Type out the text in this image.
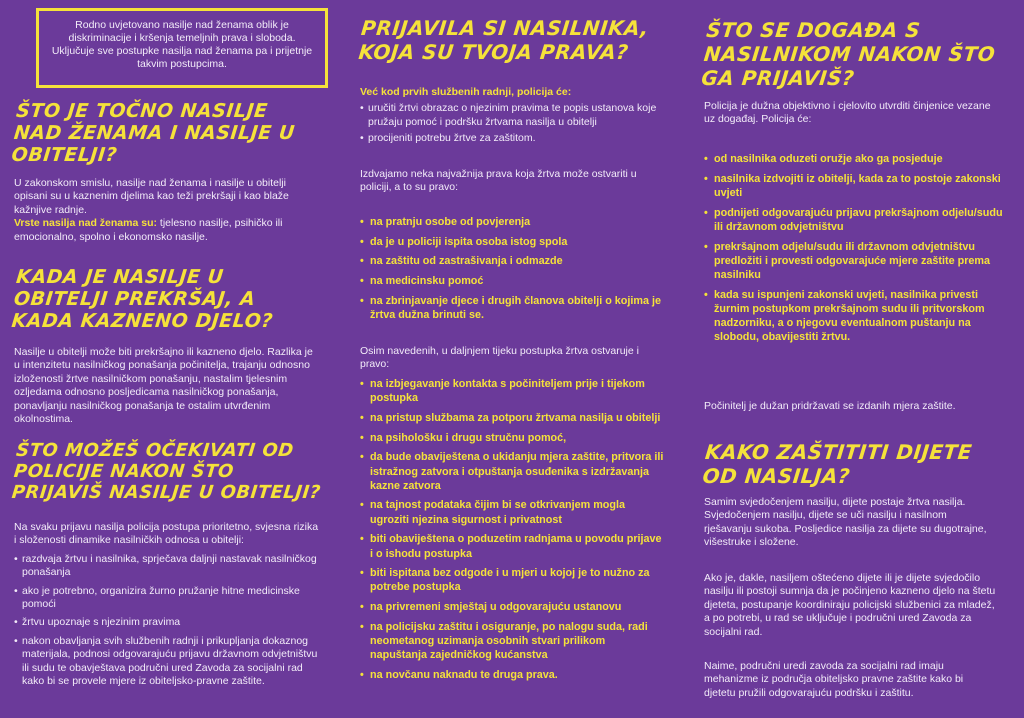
Rodno uvjetovano nasilje nad ženama oblik je diskriminacije i kršenja temeljnih prava i sloboda. Uključuje sve postupke nasilja nad ženama pa i prijetnje takvim postupcima.
ŠTO JE TOČNO NASILJE NAD ŽENAMA I NASILJE U OBITELJI?
U zakonskom smislu, nasilje nad ženama i nasilje u obitelji opisani su u kaznenim djelima kao teži prekršaji i kao blaže kažnjive radnje.
Vrste nasilja nad ženama su: tjelesno nasilje, psihičko ili emocionalno, spolno i ekonomsko nasilje.
KADA JE NASILJE U OBITELJI PREKRŠAJ, A KADA KAZNENO DJELO?
Nasilje u obitelji može biti prekršajno ili kazneno djelo. Razlika je u intenzitetu nasilničkog ponašanja počinitelja, trajanju odnosno izloženosti žrtve nasilničkom ponašanju, nastalim tjelesnim ozljedama odnosno posljedicama nasilničkog ponašanja, ponavljanju nasilničkog ponašanja te ostalim utvrđenim okolnostima.
ŠTO MOŽEŠ OČEKIVATI OD POLICIJE NAKON ŠTO PRIJAVIŠ NASILJE U OBITELJI?
Na svaku prijavu nasilja policija postupa prioritetno, svjesna rizika i složenosti dinamike nasilničkih odnosa u obitelji:
• razdvaja žrtvu i nasilnika, sprječava daljnji nastavak nasilničkog ponašanja
• ako je potrebno, organizira žurno pružanje hitne medicinske pomoći
• žrtvu upoznaje s njezinim pravima
• nakon obavljanja svih službenih radnji i prikupljanja dokaznog materijala, podnosi odgovarajuću prijavu državnom odvjetništvu ili sudu te obavještava područni ured Zavoda za socijalni rad kako bi se provele mjere iz obiteljsko-pravne zaštite.
PRIJAVILA SI NASILNIKA, KOJA SU TVOJA PRAVA?
Već kod prvih službenih radnji, policija će:
• uručiti žrtvi obrazac o njezinim pravima te popis ustanova koje pružaju pomoć i podršku žrtvama nasilja u obitelji
• procijeniti potrebu žrtve za zaštitom.
Izdvajamo neka najvažnija prava koja žrtva može ostvariti u policiji, a to su pravo:
• na pratnju osobe od povjerenja
• da je u policiji ispita osoba istog spola
• na zaštitu od zastrašivanja i odmazde
• na medicinsku pomoć
• na zbrinjavanje djece i drugih članova obitelji o kojima je žrtva dužna brinuti se.
Osim navedenih, u daljnjem tijeku postupka žrtva ostvaruje i pravo:
• na izbjegavanje kontakta s počiniteljem prije i tijekom postupka
• na pristup službama za potporu žrtvama nasilja u obitelji
• na psihološku i drugu stručnu pomoć,
• da bude obaviještena o ukidanju mjera zaštite, pritvora ili istražnog zatvora i otpuštanja osuđenika s izdržavanja kazne zatvora
• na tajnost podataka čijim bi se otkrivanjem mogla ugroziti njezina sigurnost i privatnost
• biti obaviještena o poduzetim radnjama u povodu prijave i o ishodu postupka
• biti ispitana bez odgode i u mjeri u kojoj je to nužno za potrebe postupka
• na privremeni smještaj u odgovarajuću ustanovu
• na policijsku zaštitu i osiguranje, po nalogu suda, radi neometanog uzimanja osobnih stvari prilikom napuštanja zajedničkog kućanstva
• na novčanu naknadu te druga prava.
ŠTO SE DOGAĐA S NASILNIKOM NAKON ŠTO GA PRIJAVIŠ?
Policija je dužna objektivno i cjelovito utvrditi činjenice vezane uz događaj. Policija će:
• od nasilnika oduzeti oružje ako ga posjeduje
• nasilnika izdvojiti iz obitelji, kada za to postoje zakonski uvjeti
• podnijeti odgovarajuću prijavu prekršajnom odjelu/sudu ili državnom odvjetništvu
• prekršajnom odjelu/sudu ili državnom odvjetništvu predložiti i provesti odgovarajuće mjere zaštite prema nasilniku
• kada su ispunjeni zakonski uvjeti, nasilnika privesti žurnim postupkom prekršajnom sudu ili pritvorskom nadzorniku, a o njegovu eventualnom puštanju na slobodu, obavijestiti žrtvu.
Počinitelj je dužan pridržavati se izdanih mjera zaštite.
KAKO ZAŠTITITI DIJETE OD NASILJA?
Samim svjedočenjem nasilju, dijete postaje žrtva nasilja. Svjedočenjem nasilju, dijete se uči nasilju i nasilnom rješavanju sukoba. Posljedice nasilja za dijete su dugotrajne, višestruke i složene.
Ako je, dakle, nasiljem oštećeno dijete ili je dijete svjedočilo nasilju ili postoji sumnja da je počinjeno kazneno djelo na štetu djeteta, postupanje koordiniraju policijski službenici za mladež, a po potrebi, u rad se uključuje i područni ured Zavoda za socijalni rad.
Naime, područni uredi zavoda za socijalni rad imaju mehanizme iz područja obiteljsko pravne zaštite kako bi djetetu pružili odgovarajuću podršku i zaštitu.
